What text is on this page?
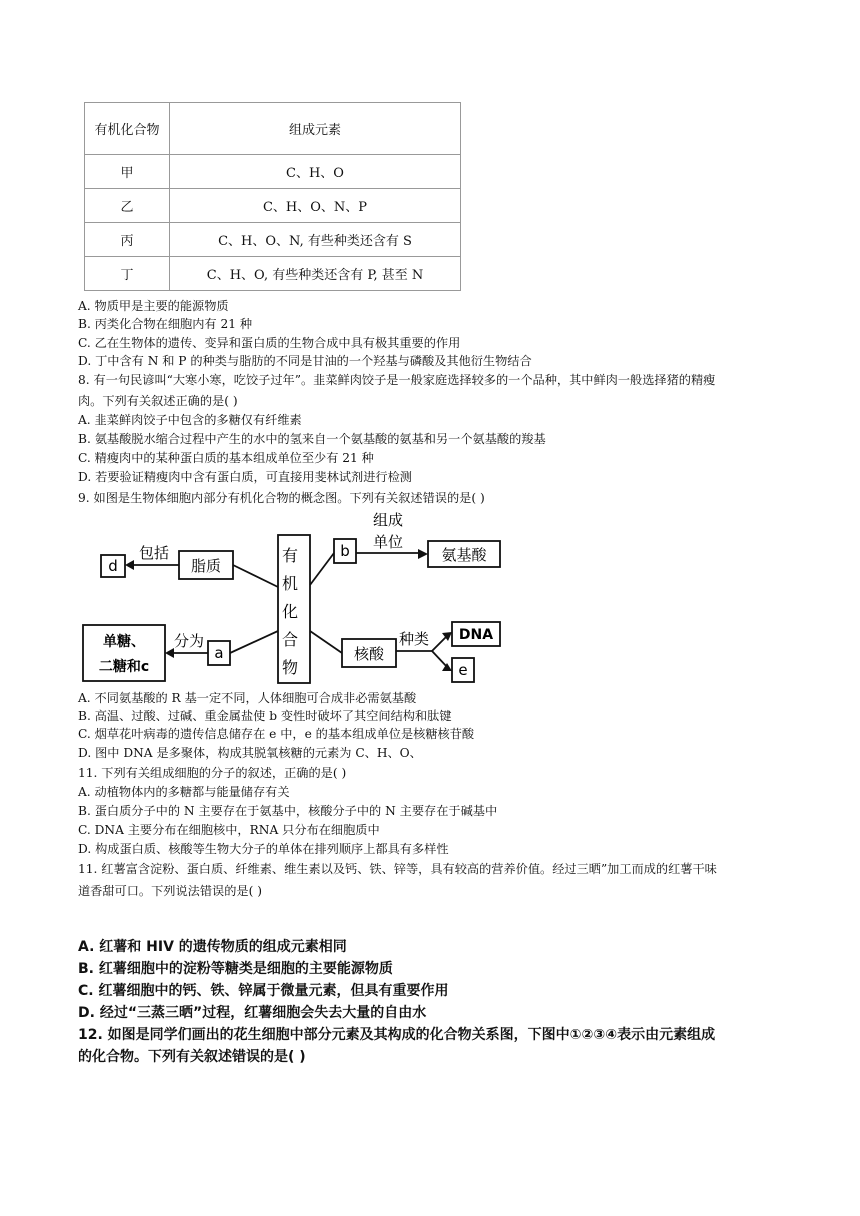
有机化合物	组成元素
甲	C、H、O
乙	C、H、O、N、P
丙	C、H、O、N, 有些种类还含有 S
丁	C、H、O, 有些种类还含有 P, 甚至 N
A. 物质甲是主要的能源物质
B. 丙类化合物在细胞内有 21 种
C. 乙在生物体的遗传、变异和蛋白质的生物合成中具有极其重要的作用
D. 丁中含有 N 和 P 的种类与脂肪的不同是甘油的一个羟基与磷酸及其他衍生物结合
8. 有一句民谚叫“大寒小寒，吃饺子过年”。韭菜鲜肉饺子是一般家庭选择较多的一个品种，其中鲜肉一般选择猪的精瘦
肉。下列有关叙述正确的是( )
A. 韭菜鲜肉饺子中包含的多糖仅有纤维素
B. 氨基酸脱水缩合过程中产生的水中的氢来自一个氨基酸的氨基和另一个氨基酸的羧基
C. 精瘦肉中的某种蛋白质的基本组成单位至少有 21 种
D. 若要验证精瘦肉中含有蛋白质，可直接用斐林试剂进行检测
9. 如图是生物体细胞内部分有机化合物的概念图。下列有关叙述错误的是( )
有
机
化
合
物
脂质
包括
d
b
组成
单位
氨基酸
单糖、
二糖和c
分为
a	核酸
种类 DNA
e
A. 不同氨基酸的 R 基一定不同，人体细胞可合成非必需氨基酸
B. 高温、过酸、过碱、重金属盐使 b 变性时破坏了其空间结构和肽键
C. 烟草花叶病毒的遗传信息储存在 e 中，e 的基本组成单位是核糖核苷酸
D. 图中 DNA 是多聚体，构成其脱氧核糖的元素为 C、H、O、
11. 下列有关组成细胞的分子的叙述，正确的是( )
A. 动植物体内的多糖都与能量储存有关
B. 蛋白质分子中的 N 主要存在于氨基中，核酸分子中的 N 主要存在于碱基中
C. DNA 主要分布在细胞核中，RNA 只分布在细胞质中
D. 构成蛋白质、核酸等生物大分子的单体在排列顺序上都具有多样性
11. 红薯富含淀粉、蛋白质、纤维素、维生素以及钙、铁、锌等，具有较高的营养价值。经过三晒”加工而成的红薯干味
道香甜可口。下列说法错误的是( )
A. 红薯和 HIV 的遗传物质的组成元素相同
B. 红薯细胞中的淀粉等糖类是细胞的主要能源物质
C. 红薯细胞中的钙、铁、锌属于微量元素，但具有重要作用
D. 经过“三蒸三晒”过程，红薯细胞会失去大量的自由水
12. 如图是同学们画出的花生细胞中部分元素及其构成的化合物关系图，下图中①②③④表示由元素组成
的化合物。下列有关叙述错误的是( )
